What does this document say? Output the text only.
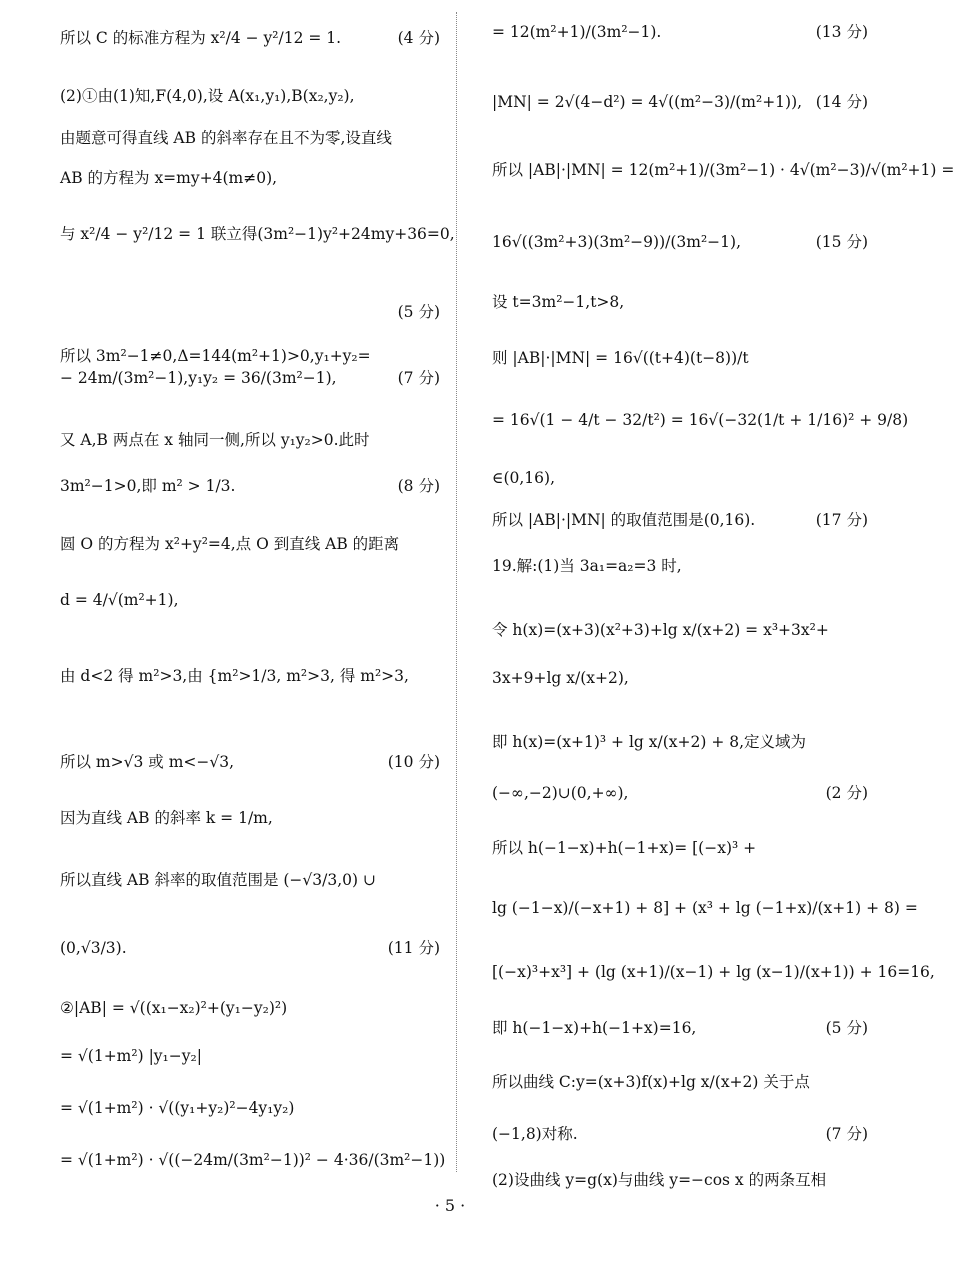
所以 C 的标准方程为 x²/4 − y²/12 = 1.	(4 分)
(2)①由(1)知,F(4,0),设 A(x₁,y₁),B(x₂,y₂),
由题意可得直线 AB 的斜率存在且不为零,设直线
AB 的方程为 x=my+4(m≠0),
与 x²/4 − y²/12 = 1 联立得(3m²−1)y²+24my+36=0,
(5 分)
所以 3m²−1≠0,Δ=144(m²+1)>0,y₁+y₂=
− 24m/(3m²−1),y₁y₂ = 36/(3m²−1),	(7 分)
又 A,B 两点在 x 轴同一侧,所以 y₁y₂>0.此时
3m²−1>0,即 m² > 1/3.	(8 分)
圆 O 的方程为 x²+y²=4,点 O 到直线 AB 的距离
d = 4/√(m²+1),
由 d<2 得 m²>3,由 {m²>1/3, m²>3, 得 m²>3,
所以 m>√3 或 m<−√3,	(10 分)
因为直线 AB 的斜率 k = 1/m,
所以直线 AB 斜率的取值范围是 (−√3/3,0) ∪
(0,√3/3).	(11 分)
②|AB| = √((x₁−x₂)²+(y₁−y₂)²)
= √(1+m²) |y₁−y₂|
= √(1+m²) · √((y₁+y₂)²−4y₁y₂)
= √(1+m²) · √((−24m/(3m²−1))² − 4·36/(3m²−1))
= 12(m²+1)/(3m²−1).	(13 分)
|MN| = 2√(4−d²) = 4√((m²−3)/(m²+1)), (14 分)
所以 |AB|·|MN| = 12(m²+1)/(3m²−1) · 4√(m²−3)/√(m²+1) =
16√((3m²+3)(3m²−9))/(3m²−1),	(15 分)
设 t=3m²−1,t>8,
则 |AB|·|MN| = 16√((t+4)(t−8))/t
= 16√(1 − 4/t − 32/t²) = 16√(−32(1/t + 1/16)² + 9/8)
∈(0,16),
所以 |AB|·|MN| 的取值范围是(0,16).	(17 分)
19.解:(1)当 3a₁=a₂=3 时,
令 h(x)=(x+3)(x²+3)+lg x/(x+2) = x³+3x²+
3x+9+lg x/(x+2),
即 h(x)=(x+1)³ + lg x/(x+2) + 8,定义域为
(−∞,−2)∪(0,+∞),	(2 分)
所以 h(−1−x)+h(−1+x)= [(−x)³ +
lg (−1−x)/(−x+1) + 8] + (x³ + lg (−1+x)/(x+1) + 8) =
[(−x)³+x³] + (lg (x+1)/(x−1) + lg (x−1)/(x+1)) + 16=16,
即 h(−1−x)+h(−1+x)=16,	(5 分)
所以曲线 C:y=(x+3)f(x)+lg x/(x+2) 关于点
(−1,8)对称.	(7 分)
(2)设曲线 y=g(x)与曲线 y=−cos x 的两条互相
· 5 ·
